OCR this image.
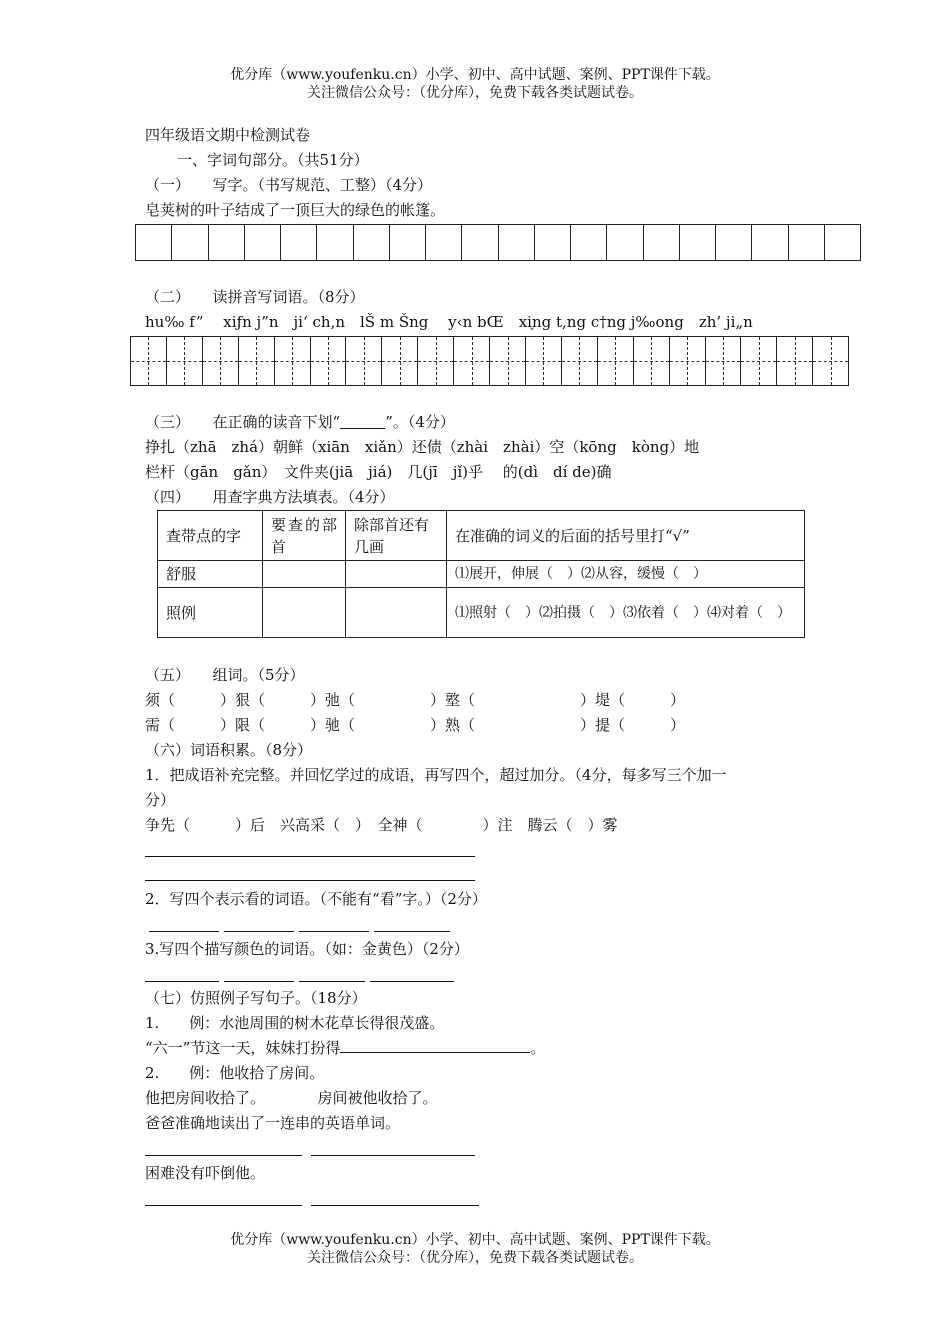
优分库（www.youfenku.cn）小学、初中、高中试题、案例、PPT课件下载。
关注微信公众号：（优分库），免费下载各类试题试卷。
四年级语文期中检测试卷
一、字词句部分。（共51分）
（一）　　写字。（书写规范、工整）（4分）
皂荚树的叶子结成了一顶巨大的绿色的帐篷。
（二）　　读拼音写词语。（8分）
hu‰ f”　 xiƒn j”n　ji‘ ch,n　lŠ m Šng　 y‹n bŒ　xi֪ng t,ng c†ng j‰ong　zh’ ji„n
（三）　　在正确的读音下划“　　　	”。（4分）
挣扎（zhā　zhá）朝鲜（xiān　xiǎn）还债（zhài　zhài）空（kōng　kòng）地
栏杆（gān　gǎn）　文件夹(jiā　jiá)　几(jī　jǐ)乎　 的(dì　dí de)确
（四）　　用查字典方法填表。（4分）
查带点的字	要查的部首	除部首还有几画	在准确的词义的后面的括号里打“√”
舒服			⑴展开，伸展（　）⑵从容，缓慢（　）
照例			⑴照射（　）⑵拍摄（　）⑶依着（　）⑷对着（　）
（五）　　组词。（5分）
须（　　　）狠（　　　）弛（　　　　　）墪（　　　　　　　）堤（　　　）
需（　　　）限（　　　）驰（　　　　　）熟（　　　　　　　）提（　　　）
（六）词语积累。（8分）
1．把成语补充完整。并回忆学过的成语，再写四个，超过加分。（4分，每多写三个加一
分）
争先（　　　）后　兴高采（　）　全神（　　　　）注　腾云（　）雾
2．写四个表示看的词语。（不能有“看”字。）（2分）
3.写四个描写颜色的词语。（如：金黄色）（2分）
（七）仿照例子写句子。（18分）
1.　　例：水池周围的树木花草长得很茂盛。
“六一”节这一天，妹妹打扮得	。
2.　　例：他收拾了房间。
他把房间收拾了。　　　　房间被他收拾了。
爸爸准确地读出了一连串的英语单词。
困难没有吓倒他。
优分库（www.youfenku.cn）小学、初中、高中试题、案例、PPT课件下载。
关注微信公众号：（优分库），免费下载各类试题试卷。
